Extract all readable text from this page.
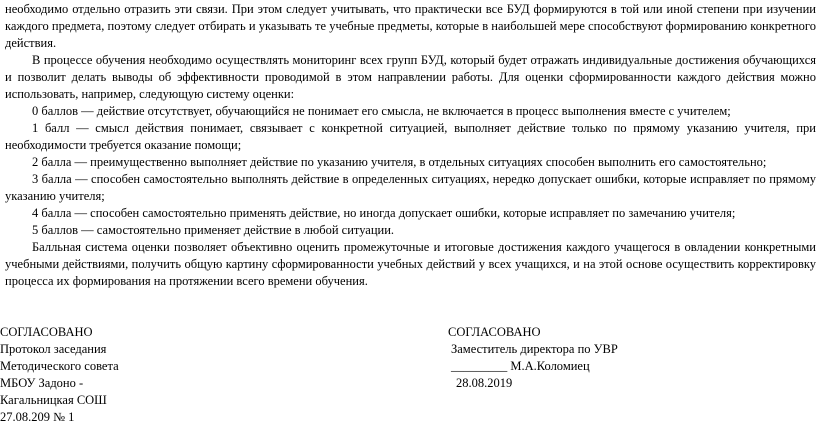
необходимо отдельно отразить эти связи. При этом следует учитывать, что практически все БУД формируются в той или иной степени при изучении каждого предмета, поэтому следует отбирать и указывать те учебные предметы, которые в наибольшей мере способствуют формированию конкретного действия.

В процессе обучения необходимо осуществлять мониторинг всех групп БУД, который будет отражать индивидуальные достижения обучающихся и позволит делать выводы об эффективности проводимой в этом направлении работы. Для оценки сформированности каждого действия можно использовать, например, следующую систему оценки:

0 баллов — действие отсутствует, обучающийся не понимает его смысла, не включается в процесс выполнения вместе с учителем;

1 балл — смысл действия понимает, связывает с конкретной ситуацией, выполняет действие только по прямому указанию учителя, при необходимости требуется оказание помощи;

2 балла — преимущественно выполняет действие по указанию учителя, в отдельных ситуациях способен выполнить его самостоятельно;

3 балла — способен самостоятельно выполнять действие в определенных ситуациях, нередко допускает ошибки, которые исправляет по прямому указанию учителя;

4 балла — способен самостоятельно применять действие, но иногда допускает ошибки, которые исправляет по замечанию учителя;

5 баллов — самостоятельно применяет действие в любой ситуации.

Балльная система оценки позволяет объективно оценить промежуточные и итоговые достижения каждого учащегося в овладении конкретными учебными действиями, получить общую картину сформированности учебных действий у всех учащихся, и на этой основе осуществить корректировку процесса их формирования на протяжении всего времени обучения.

СОГЛАСОВАНО
Протокол заседания
Методического совета
МБОУ Задоно -
Кагальницкая СОШ
27.08.209 № 1
СОГЛАСОВАНО
Заместитель директора по УВР
_________ М.А.Коломиец
28.08.2019
